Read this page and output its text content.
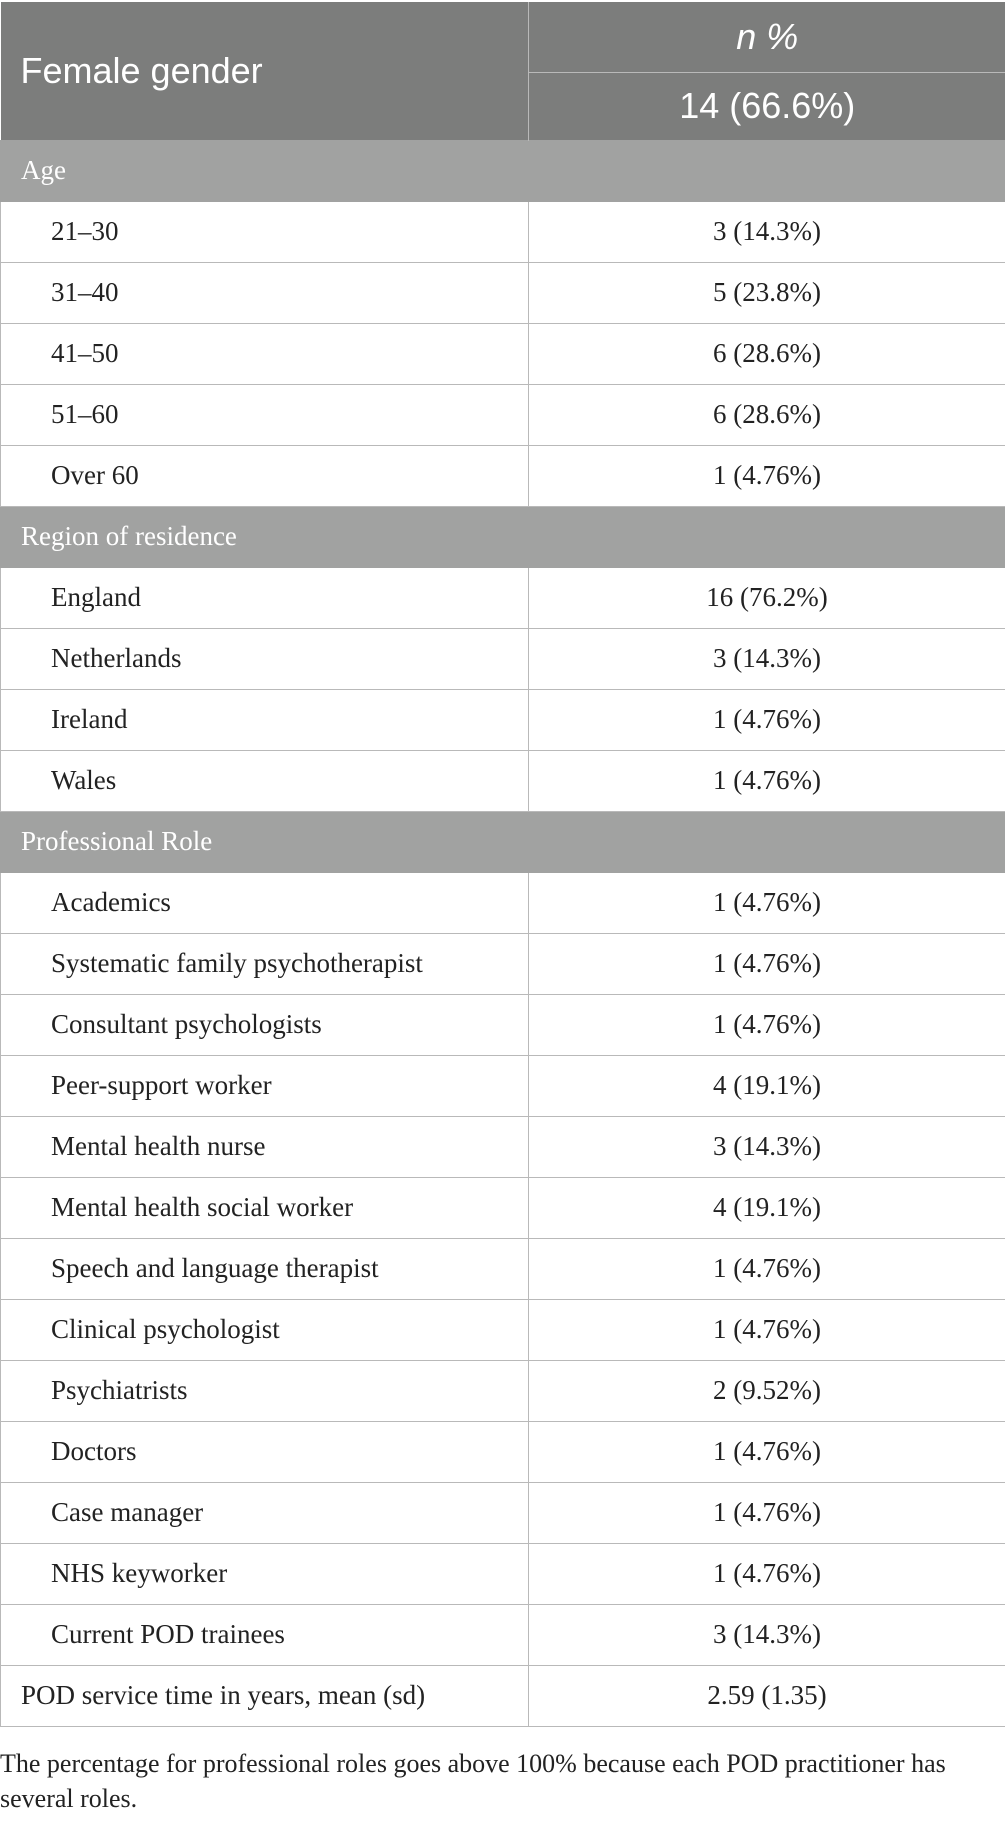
Female gender	n %
	14 (66.6%)
Age	
21–30	3 (14.3%)
31–40	5 (23.8%)
41–50	6 (28.6%)
51–60	6 (28.6%)
Over 60	1 (4.76%)
Region of residence	
England	16 (76.2%)
Netherlands	3 (14.3%)
Ireland	1 (4.76%)
Wales	1 (4.76%)
Professional Role	
Academics	1 (4.76%)
Systematic family psychotherapist	1 (4.76%)
Consultant psychologists	1 (4.76%)
Peer-support worker	4 (19.1%)
Mental health nurse	3 (14.3%)
Mental health social worker	4 (19.1%)
Speech and language therapist	1 (4.76%)
Clinical psychologist	1 (4.76%)
Psychiatrists	2 (9.52%)
Doctors	1 (4.76%)
Case manager	1 (4.76%)
NHS keyworker	1 (4.76%)
Current POD trainees	3 (14.3%)
POD service time in years, mean (sd)	2.59 (1.35)
The percentage for professional roles goes above 100% because each POD practitioner has several roles.
